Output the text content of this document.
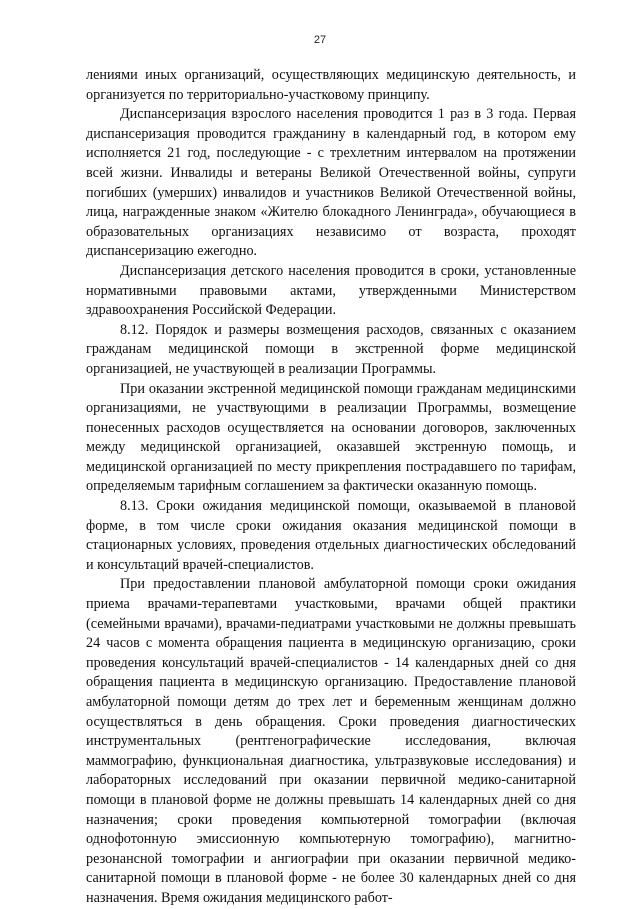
27

лениями иных организаций, осуществляющих медицинскую деятельность, и организуется по территориально-участковому принципу.

Диспансеризация взрослого населения проводится 1 раз в 3 года. Первая диспансеризация проводится гражданину в календарный год, в котором ему исполняется 21 год, последующие - с трехлетним интервалом на протяжении всей жизни. Инвалиды и ветераны Великой Отечественной войны, супруги погибших (умерших) инвалидов и участников Великой Отечественной войны, лица, награжденные знаком «Жителю блокадного Ленинграда», обучающиеся в образовательных организациях независимо от возраста, проходят диспансеризацию ежегодно.

Диспансеризация детского населения проводится в сроки, установленные нормативными правовыми актами, утвержденными Министерством здравоохранения Российской Федерации.

8.12. Порядок и размеры возмещения расходов, связанных с оказанием гражданам медицинской помощи в экстренной форме медицинской организацией, не участвующей в реализации Программы.

При оказании экстренной медицинской помощи гражданам медицинскими организациями, не участвующими в реализации Программы, возмещение понесенных расходов осуществляется на основании договоров, заключенных между медицинской организацией, оказавшей экстренную помощь, и медицинской организацией по месту прикрепления пострадавшего по тарифам, определяемым тарифным соглашением за фактически оказанную помощь.

8.13. Сроки ожидания медицинской помощи, оказываемой в плановой форме, в том числе сроки ожидания оказания медицинской помощи в стационарных условиях, проведения отдельных диагностических обследований и консультаций врачей-специалистов.

При предоставлении плановой амбулаторной помощи сроки ожидания приема врачами-терапевтами участковыми, врачами общей практики (семейными врачами), врачами-педиатрами участковыми не должны превышать 24 часов с момента обращения пациента в медицинскую организацию, сроки проведения консультаций врачей-специалистов - 14 календарных дней со дня обращения пациента в медицинскую организацию. Предоставление плановой амбулаторной помощи детям до трех лет и беременным женщинам должно осуществляться в день обращения. Сроки проведения диагностических инструментальных (рентгенографические исследования, включая маммографию, функциональная диагностика, ультразвуковые исследования) и лабораторных исследований при оказании первичной медико-санитарной помощи в плановой форме не должны превышать 14 календарных дней со дня назначения; сроки проведения компьютерной томографии (включая однофотонную эмиссионную компьютерную томографию), магнитно-резонансной томографии и ангиографии при оказании первичной медико-санитарной помощи в плановой форме - не более 30 календарных дней со дня назначения. Время ожидания медицинского работ-
